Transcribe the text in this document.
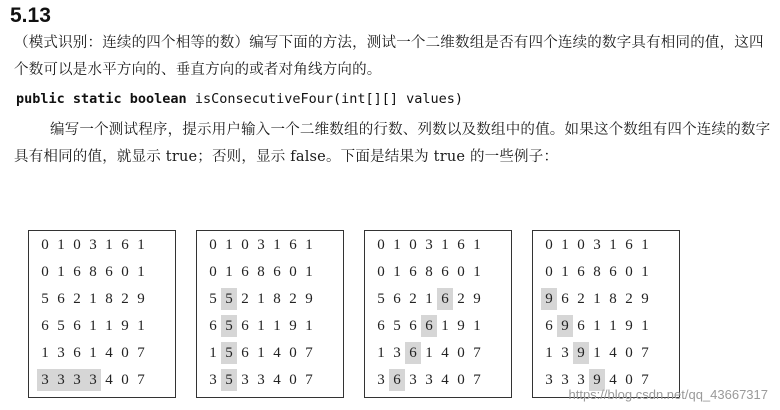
5.13

（模式识别：连续的四个相等的数）编写下面的方法，测试一个二维数组是否有四个连续的数字具有相同的值，这四个数可以是水平方向的、垂直方向的或者对角线方向的。

public static boolean isConsecutiveFour(int[][] values)

编写一个测试程序，提示用户输入一个二维数组的行数、列数以及数组中的值。如果这个数组有四个连续的数字具有相同的值，就显示 true；否则，显示 false。下面是结果为 true 的一些例子：

0 1 0 3 1 6 1
0 1 6 8 6 0 1
5 6 2 1 8 2 9
6 5 6 1 1 9 1
1 3 6 1 4 0 7
3 3 3 3 4 0 7
0 1 0 3 1 6 1
0 1 6 8 6 0 1
5 5 2 1 8 2 9
6 5 6 1 1 9 1
1 5 6 1 4 0 7
3 5 3 3 4 0 7
0 1 0 3 1 6 1
0 1 6 8 6 0 1
5 6 2 1 6 2 9
6 5 6 6 1 9 1
1 3 6 1 4 0 7
3 6 3 3 4 0 7
0 1 0 3 1 6 1
0 1 6 8 6 0 1
9 6 2 1 8 2 9
6 9 6 1 1 9 1
1 3 9 1 4 0 7
3 3 3 9 4 0 7
https://blog.csdn.net/qq_43667317
